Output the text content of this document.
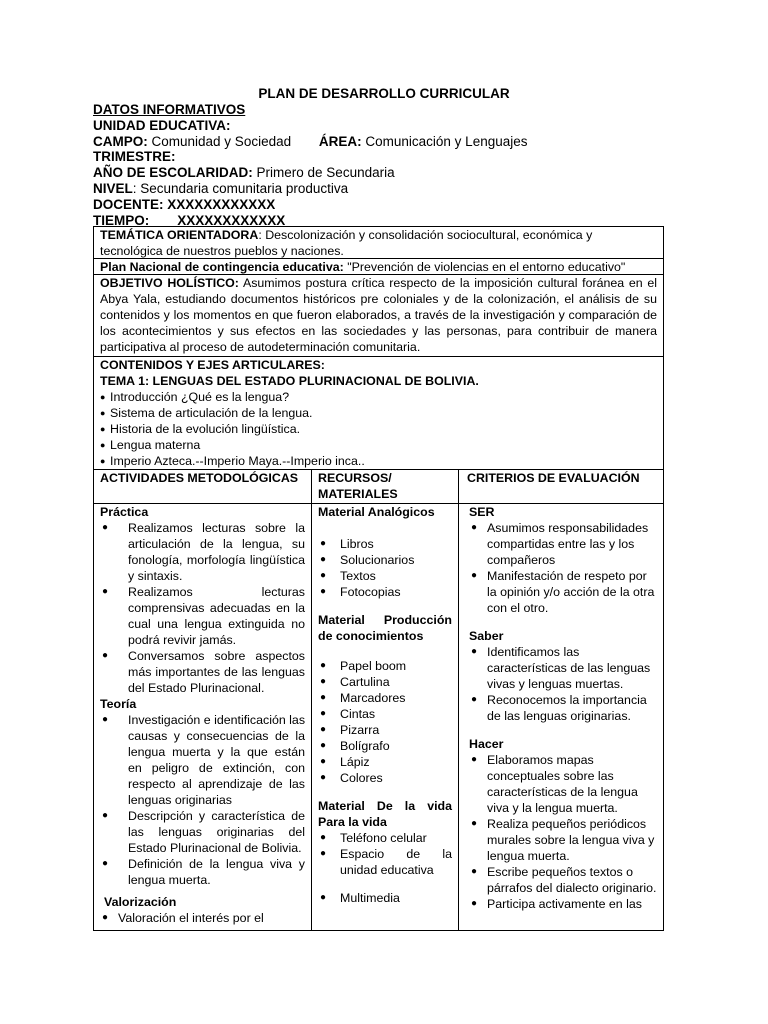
PLAN DE DESARROLLO CURRICULAR
DATOS INFORMATIVOS
UNIDAD EDUCATIVA:
CAMPO: Comunidad y Sociedad ÁREA: Comunicación y Lenguajes
TRIMESTRE:
AÑO DE ESCOLARIDAD: Primero de Secundaria
NIVEL: Secundaria comunitaria productiva
DOCENTE: XXXXXXXXXXXX
TIEMPO: XXXXXXXXXXXX
TEMÁTICA ORIENTADORA: Descolonización y consolidación sociocultural, económica y tecnológica de nuestros pueblos y naciones.
Plan Nacional de contingencia educativa: "Prevención de violencias en el entorno educativo"
OBJETIVO HOLÍSTICO: Asumimos postura crítica respecto de la imposición cultural foránea en el Abya Yala, estudiando documentos históricos pre coloniales y de la colonización, el análisis de su contenidos y los momentos en que fueron elaborados, a través de la investigación y comparación de los acontecimientos y sus efectos en las sociedades y las personas, para contribuir de manera participativa al proceso de autodeterminación comunitaria.
CONTENIDOS Y EJES ARTICULARES:
TEMA 1: LENGUAS DEL ESTADO PLURINACIONAL DE BOLIVIA.
● Introducción ¿Qué es la lengua?
● Sistema de articulación de la lengua.
● Historia de la evolución lingüística.
● Lengua materna
● Imperio Azteca.--Imperio Maya.--Imperio inca..
ACTIVIDADES METODOLÓGICAS	RECURSOS/ MATERIALES
CRITERIOS DE EVALUACIÓN
Práctica
● Realizamos lecturas sobre la articulación de la lengua, su fonología, morfología lingüística y sintaxis.
● Realizamos lecturas comprensivas adecuadas en la cual una lengua extinguida no podrá revivir jamás.
● Conversamos sobre aspectos más importantes de las lenguas del Estado Plurinacional.
Teoría
● Investigación e identificación las causas y consecuencias de la lengua muerta y la que están en peligro de extinción, con respecto al aprendizaje de las lenguas originarias
● Descripción y característica de las lenguas originarias del Estado Plurinacional de Bolivia.
● Definición de la lengua viva y lengua muerta.
Valorización
● Valoración el interés por el
Material Analógicos
● Libros
● Solucionarios
● Textos
● Fotocopias
Material Producción de conocimientos
● Papel boom
● Cartulina
● Marcadores
● Cintas
● Pizarra
● Bolígrafo
● Lápiz
● Colores
Material De la vida Para la vida
● Teléfono celular
● Espacio de la unidad educativa
● Multimedia
SER
● Asumimos responsabilidades compartidas entre las y los compañeros
● Manifestación de respeto por la opinión y/o acción de la otra con el otro.
Saber
● Identificamos las características de las lenguas vivas y lenguas muertas.
● Reconocemos la importancia de las lenguas originarias.
Hacer
● Elaboramos mapas conceptuales sobre las características de la lengua viva y la lengua muerta.
● Realiza pequeños periódicos murales sobre la lengua viva y lengua muerta.
● Escribe pequeños textos o párrafos del dialecto originario.
● Participa activamente en las
